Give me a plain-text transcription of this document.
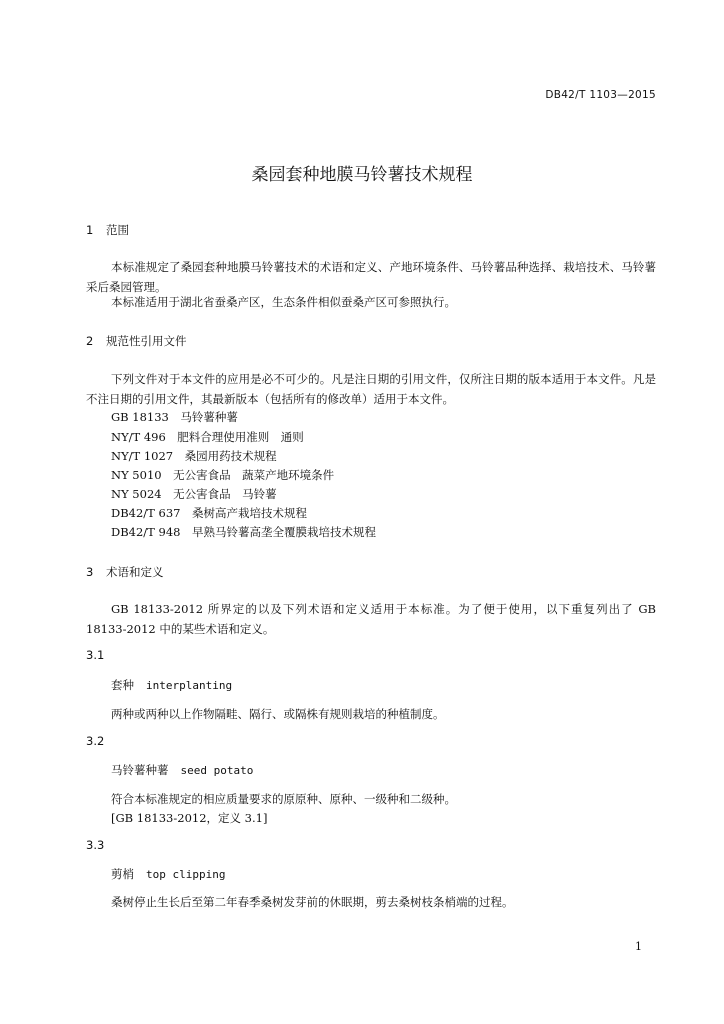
DB42/T 1103—2015
桑园套种地膜马铃薯技术规程
1 范围
本标准规定了桑园套种地膜马铃薯技术的术语和定义、产地环境条件、马铃薯品种选择、栽培技术、马铃薯采后桑园管理。
本标准适用于湖北省蚕桑产区，生态条件相似蚕桑产区可参照执行。
2 规范性引用文件
下列文件对于本文件的应用是必不可少的。凡是注日期的引用文件，仅所注日期的版本适用于本文件。凡是不注日期的引用文件，其最新版本（包括所有的修改单）适用于本文件。
GB 18133　马铃薯种薯
NY/T 496　肥料合理使用准则　通则
NY/T 1027　桑园用药技术规程
NY 5010　无公害食品　蔬菜产地环境条件
NY 5024　无公害食品　马铃薯
DB42/T 637　桑树高产栽培技术规程
DB42/T 948　早熟马铃薯高垄全覆膜栽培技术规程
3 术语和定义
GB 18133-2012 所界定的以及下列术语和定义适用于本标准。为了便于使用，以下重复列出了 GB 18133-2012 中的某些术语和定义。
3.1
套种 interplanting
两种或两种以上作物隔畦、隔行、或隔株有规则栽培的种植制度。
3.2
马铃薯种薯 seed potato
符合本标准规定的相应质量要求的原原种、原种、一级种和二级种。
[GB 18133-2012，定义 3.1]
3.3
剪梢 top clipping
桑树停止生长后至第二年春季桑树发芽前的休眠期，剪去桑树枝条梢端的过程。
1
